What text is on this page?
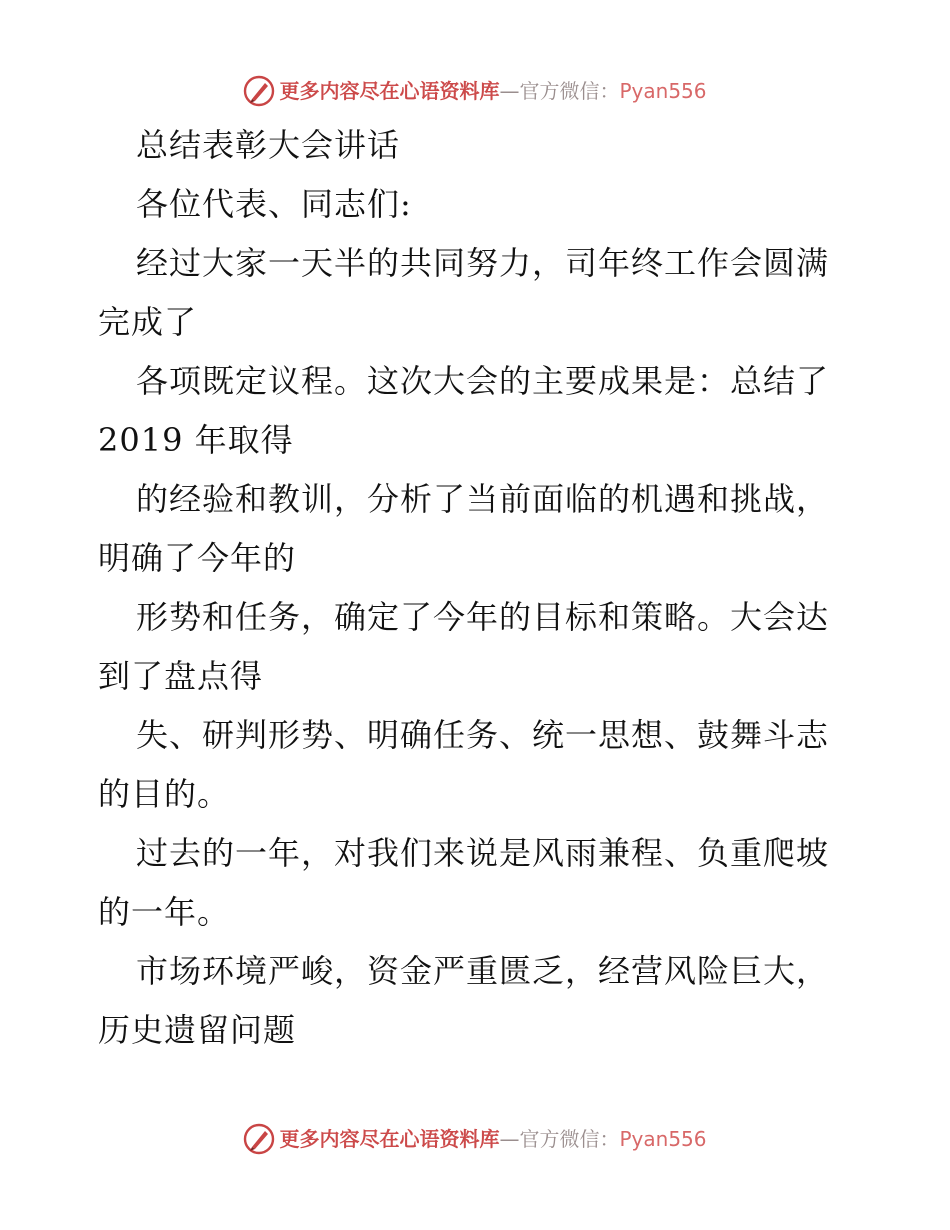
更多内容尽在心语资料库—官方微信：Pyan556
总结表彰大会讲话
各位代表、同志们:
经过大家一天半的共同努力，司年终工作会圆满
完成了
各项既定议程。这次大会的主要成果是：总结了
2019 年取得
的经验和教训，分析了当前面临的机遇和挑战，
明确了今年的
形势和任务，确定了今年的目标和策略。大会达
到了盘点得
失、研判形势、明确任务、统一思想、鼓舞斗志
的目的。
过去的一年，对我们来说是风雨兼程、负重爬坡
的一年。
市场环境严峻，资金严重匮乏，经营风险巨大，
历史遗留问题
更多内容尽在心语资料库—官方微信：Pyan556
